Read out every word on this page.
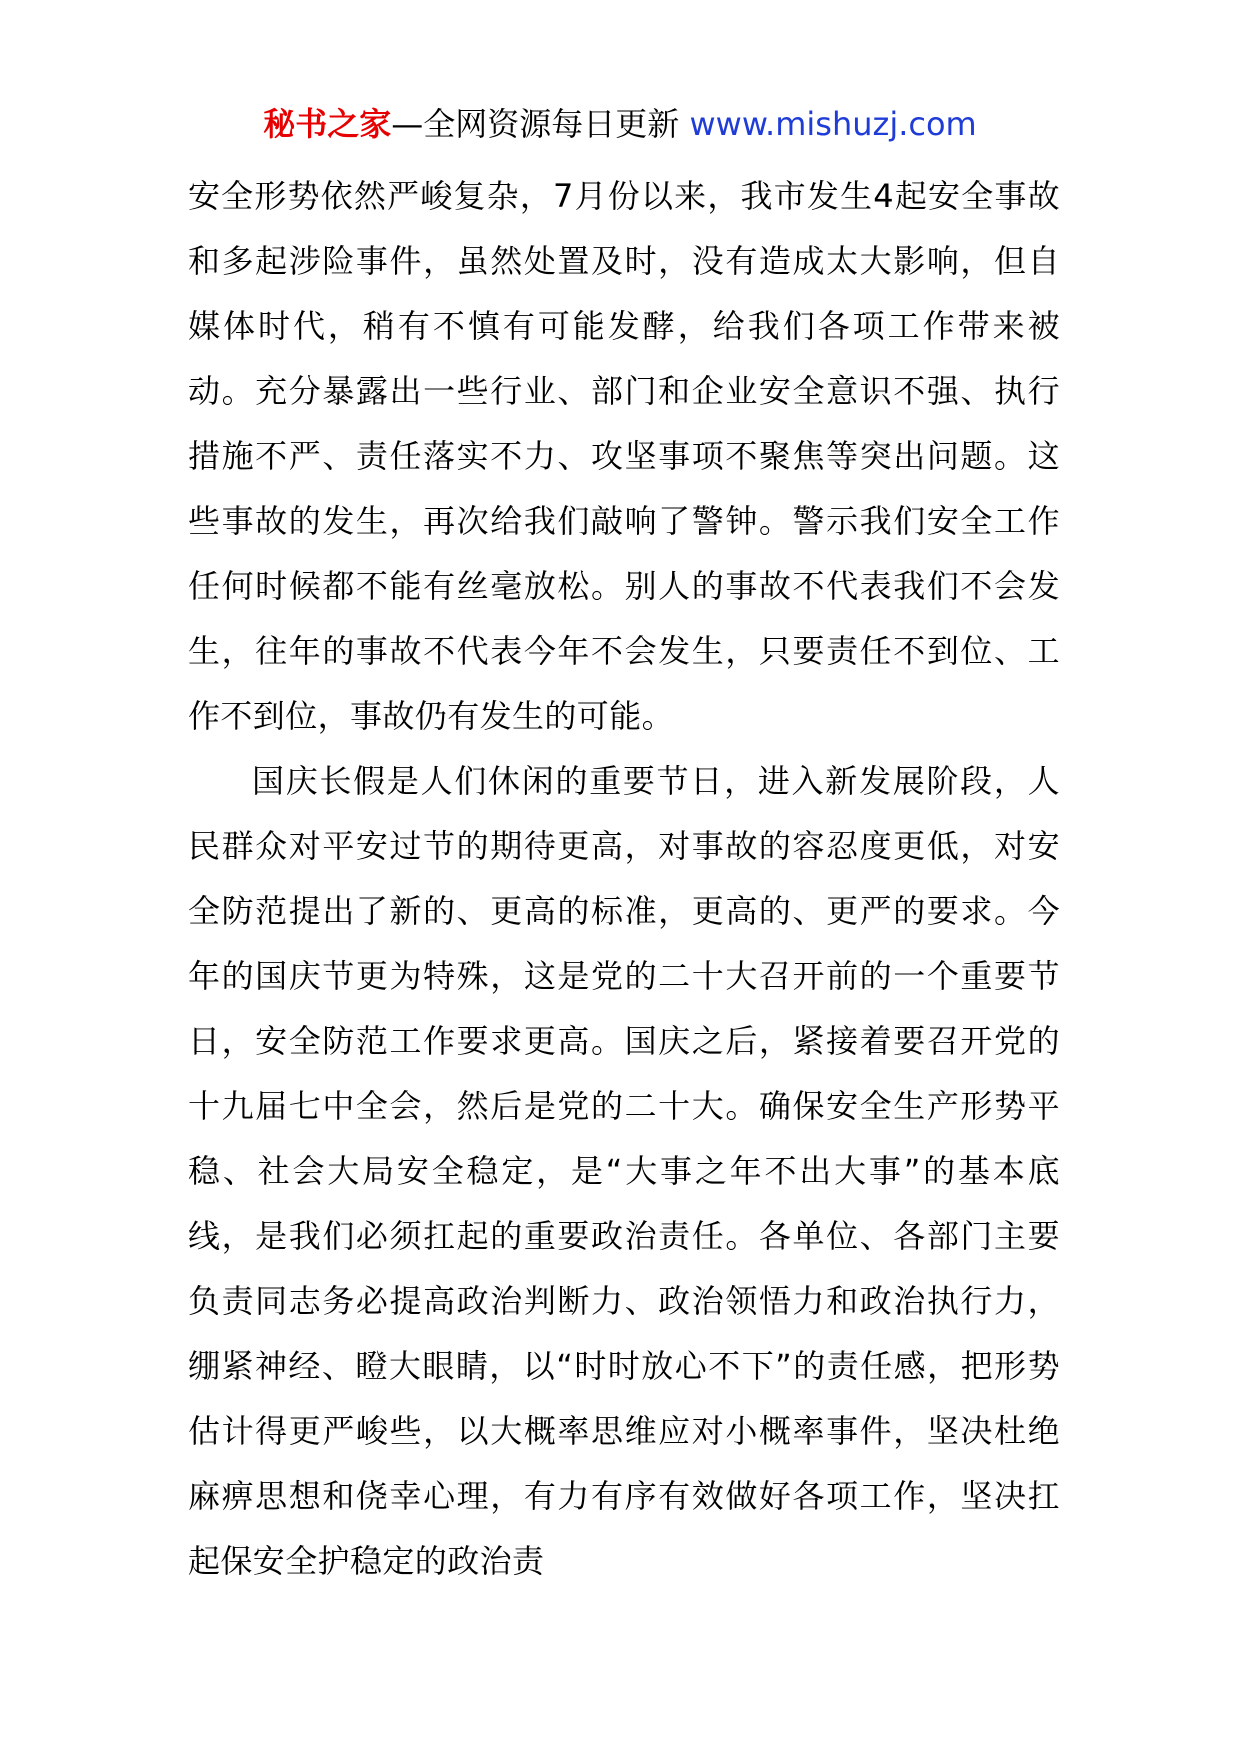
秘书之家—全网资源每日更新 www.mishuzj.com

安全形势依然严峻复杂，7月份以来，我市发生4起安全事故和多起涉险事件，虽然处置及时，没有造成太大影响，但自媒体时代，稍有不慎有可能发酵，给我们各项工作带来被动。充分暴露出一些行业、部门和企业安全意识不强、执行措施不严、责任落实不力、攻坚事项不聚焦等突出问题。这些事故的发生，再次给我们敲响了警钟。警示我们安全工作任何时候都不能有丝毫放松。别人的事故不代表我们不会发生，往年的事故不代表今年不会发生，只要责任不到位、工作不到位，事故仍有发生的可能。

国庆长假是人们休闲的重要节日，进入新发展阶段，人民群众对平安过节的期待更高，对事故的容忍度更低，对安全防范提出了新的、更高的标准，更高的、更严的要求。今年的国庆节更为特殊，这是党的二十大召开前的一个重要节日，安全防范工作要求更高。国庆之后，紧接着要召开党的十九届七中全会，然后是党的二十大。确保安全生产形势平稳、社会大局安全稳定，是“大事之年不出大事”的基本底线，是我们必须扛起的重要政治责任。各单位、各部门主要负责同志务必提高政治判断力、政治领悟力和政治执行力，绷紧神经、瞪大眼睛，以“时时放心不下”的责任感，把形势估计得更严峻些，以大概率思维应对小概率事件，坚决杜绝麻痹思想和侥幸心理，有力有序有效做好各项工作，坚决扛起保安全护稳定的政治责
